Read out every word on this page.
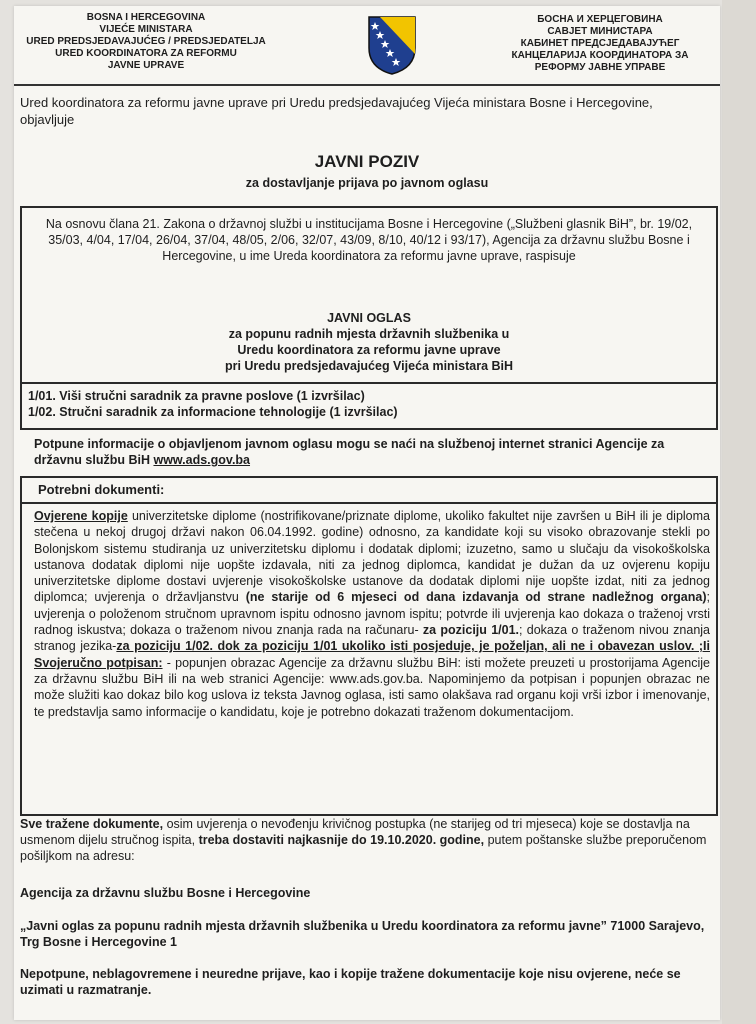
BOSNA I HERCEGOVINA
VIJEĆE MINISTARA
URED PREDSJEDAVAJUĆEG / PREDSJEDATELJA
URED KOORDINATORA ZA REFORMU
JAVNE UPRAVE
БОСНА И ХЕРЦЕГОВИНА
САВЈЕТ МИНИСТАРА
КАБИНЕТ ПРЕДСЈЕДАВАЈУЋЕГ
КАНЦЕЛАРИЈА КООРДИНАТОРА ЗА
РЕФОРМУ ЈАВНЕ УПРАВЕ
Ured koordinatora za reformu javne uprave pri Uredu predsjedavajućeg Vijeća ministara Bosne i Hercegovine, objavljuje
JAVNI POZIV
za dostavljanje prijava po javnom oglasu
Na osnovu člana 21. Zakona o državnoj službi u institucijama Bosne i Hercegovine („Službeni glasnik BiH”, br. 19/02, 35/03, 4/04, 17/04, 26/04, 37/04, 48/05, 2/06, 32/07, 43/09, 8/10, 40/12 i 93/17), Agencija za državnu službu Bosne i Hercegovine, u ime Ureda koordinatora za reformu javne uprave, raspisuje
JAVNI OGLAS
za popunu radnih mjesta državnih službenika u
Uredu koordinatora za reformu javne uprave
pri Uredu predsjedavajućeg Vijeća ministara BiH
1/01. Viši stručni saradnik za pravne poslove (1 izvršilac)
1/02. Stručni saradnik za informacione tehnologije (1 izvršilac)
Potpune informacije o objavljenom javnom oglasu mogu se naći na službenoj internet stranici Agencije za državnu službu BiH www.ads.gov.ba
Potrebni dokumenti:
Ovjerene kopije univerzitetske diplome (nostrifikovane/priznate diplome, ukoliko fakultet nije završen u BiH ili je diploma stečena u nekoj drugoj državi nakon 06.04.1992. godine) odnosno, za kandidate koji su visoko obrazovanje stekli po Bolonjskom sistemu studiranja uz univerzitetsku diplomu i dodatak diplomi; izuzetno, samo u slučaju da visokoškolska ustanova dodatak diplomi nije uopšte izdavala, niti za jednog diplomca, kandidat je dužan da uz ovjerenu kopiju univerzitetske diplome dostavi uvjerenje visokoškolske ustanove da dodatak diplomi nije uopšte izdat, niti za jednog diplomca; uvjerenja o državljanstvu (ne starije od 6 mjeseci od dana izdavanja od strane nadležnog organa); uvjerenja o položenom stručnom upravnom ispitu odnosno javnom ispitu; potvrde ili uvjerenja kao dokaza o traženoj vrsti radnog iskustva; dokaza o traženom nivou znanja rada na računaru- za poziciju 1/01.; dokaza o traženom nivou znanja stranog jezika-za poziciju 1/02. dok za poziciju 1/01 ukoliko isti posjeduje, je poželjan, ali ne i obavezan uslov. ;Ii Svojeručno potpisan: - popunjen obrazac Agencije za državnu službu BiH: isti možete preuzeti u prostorijama Agencije za državnu službu BiH ili na web stranici Agencije: www.ads.gov.ba. Napominjemo da potpisan i popunjen obrazac ne može služiti kao dokaz bilo kog uslova iz teksta Javnog oglasa, isti samo olakšava rad organu koji vrši izbor i imenovanje, te predstavlja samo informacije o kandidatu, koje je potrebno dokazati traženom dokumentacijom.
Sve tražene dokumente, osim uvjerenja o nevođenju krivičnog postupka (ne starijeg od tri mjeseca) koje se dostavlja na usmenom dijelu stručnog ispita, treba dostaviti najkasnije do 19.10.2020. godine, putem poštanske službe preporučenom pošiljkom na adresu:
Agencija za državnu službu Bosne i Hercegovine
„Javni oglas za popunu radnih mjesta državnih službenika u Uredu koordinatora za reformu javne” 71000 Sarajevo, Trg Bosne i Hercegovine 1
Nepotpune, neblagovremene i neuredne prijave, kao i kopije tražene dokumentacije koje nisu ovjerene, neće se uzimati u razmatranje.
